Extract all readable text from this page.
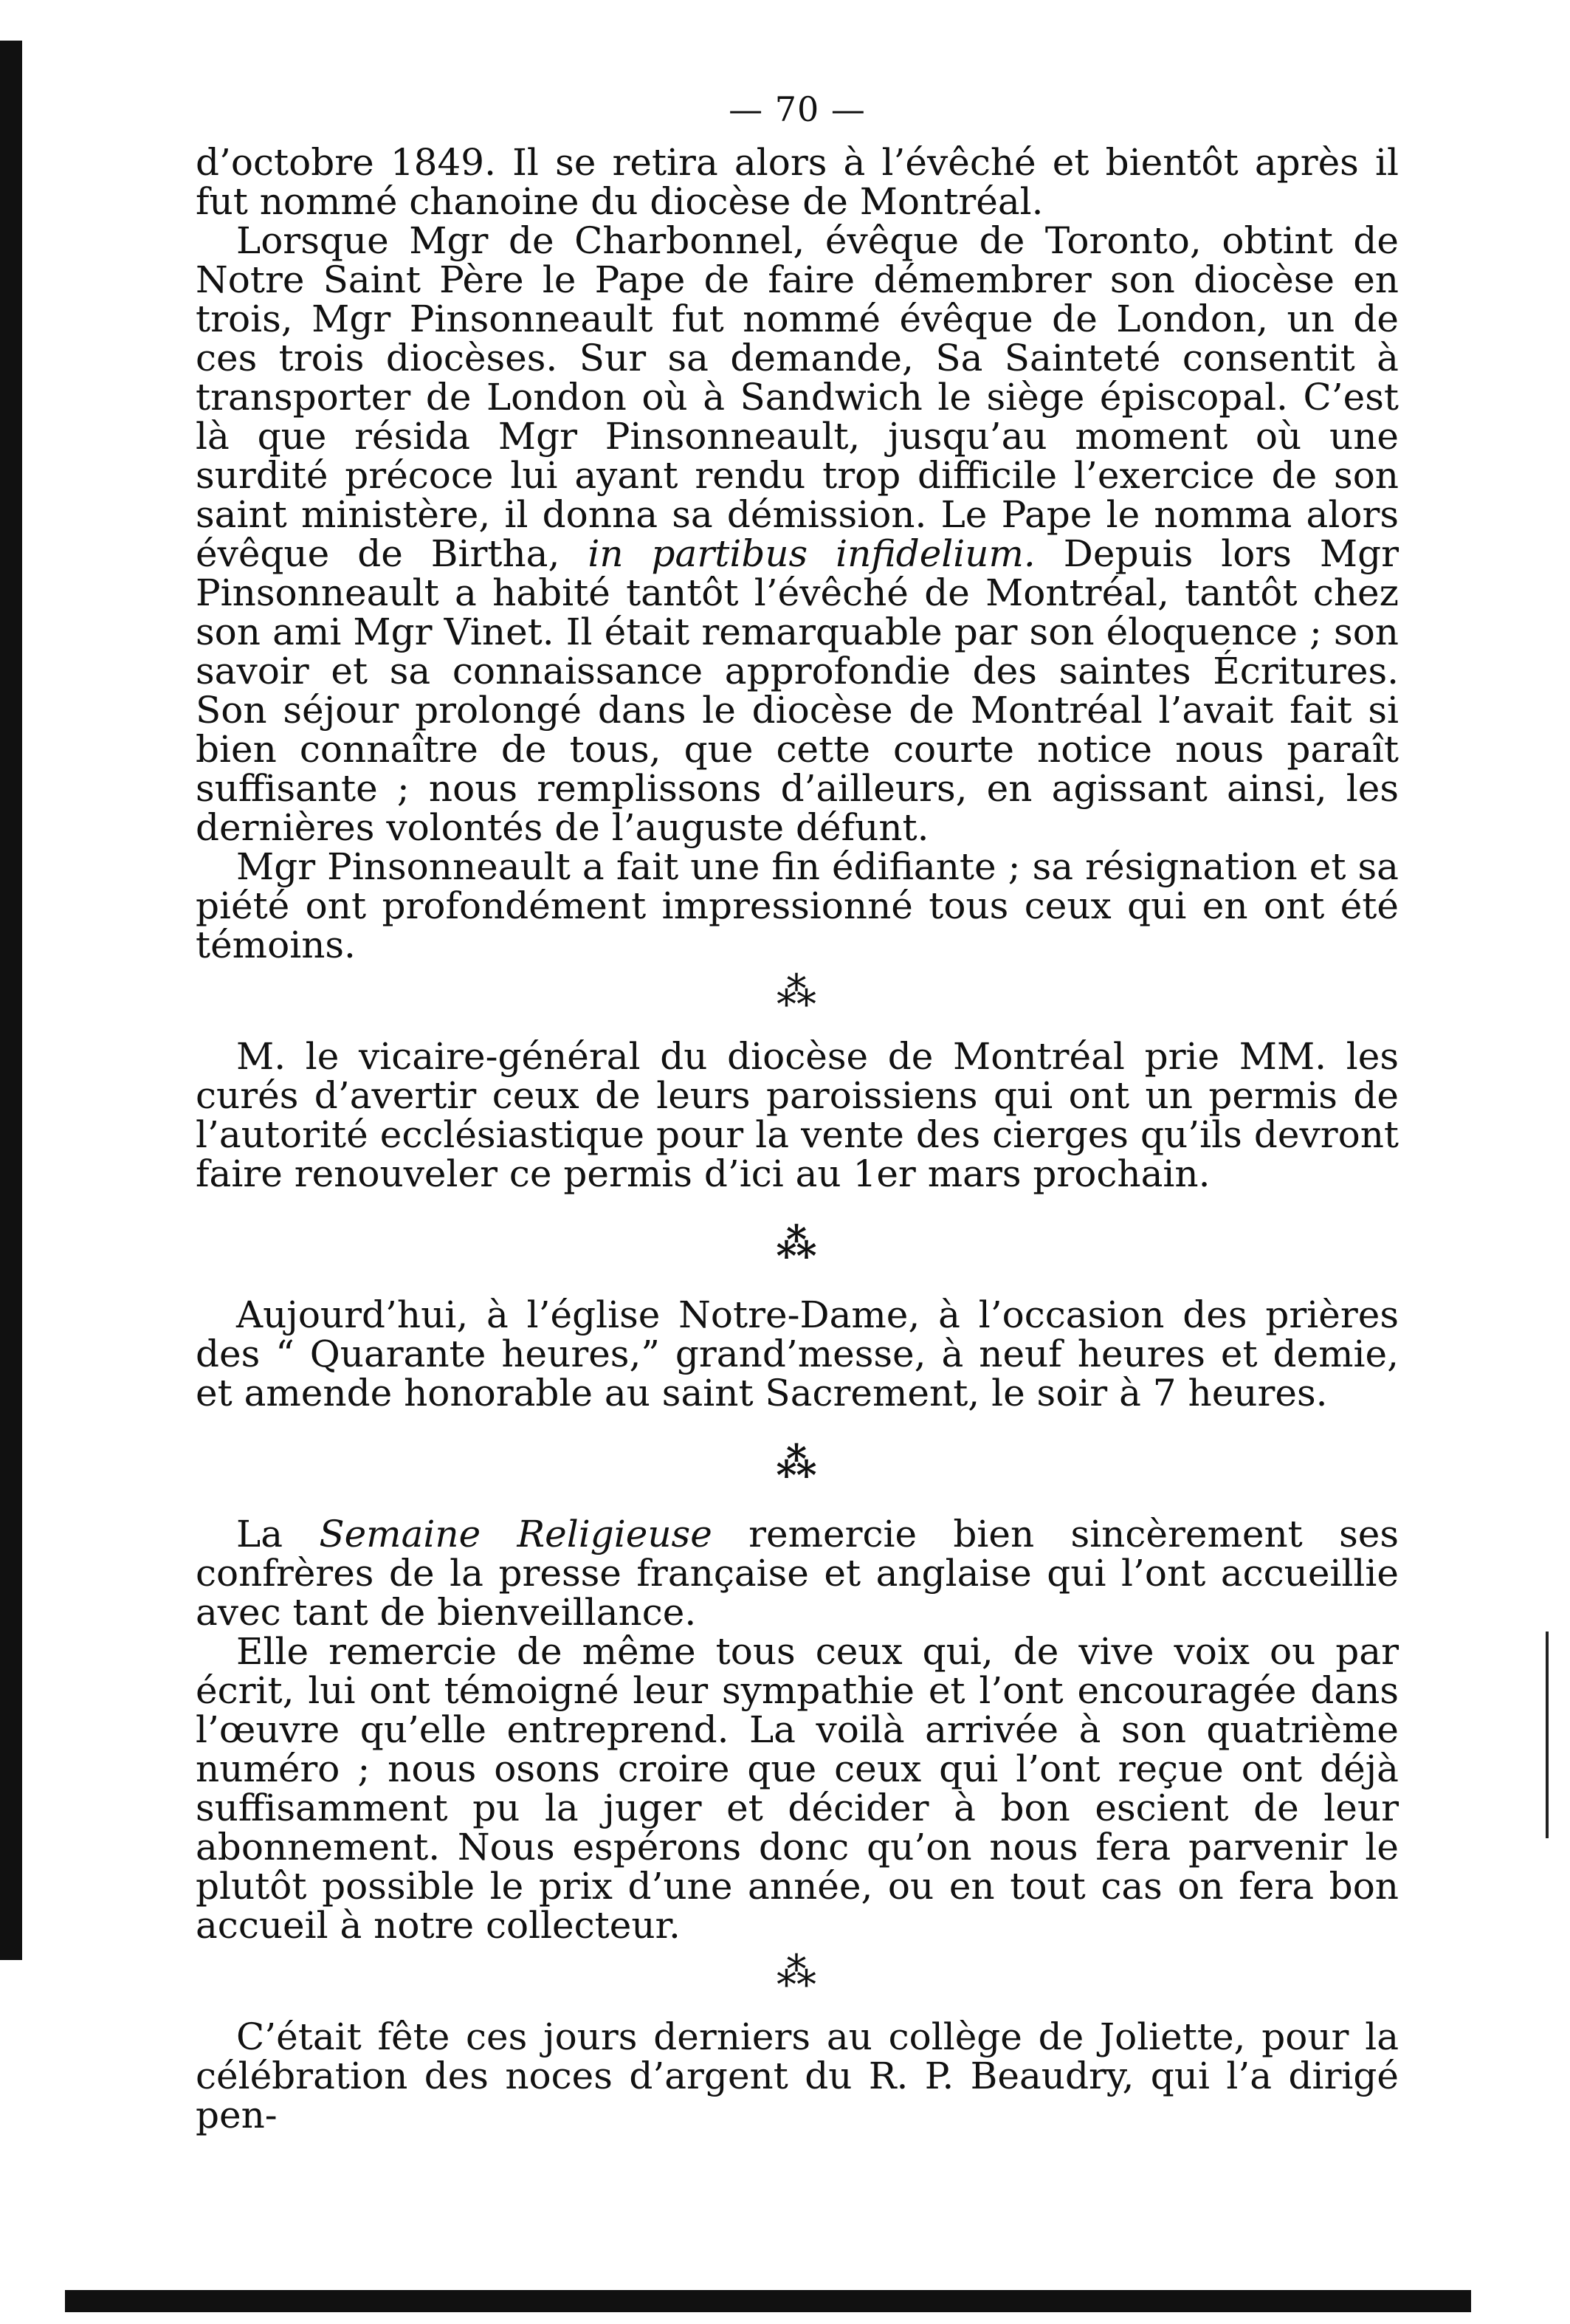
— 70 —

d’octobre 1849. Il se retira alors à l’évêché et bientôt après il fut nommé chanoine du diocèse de Montréal.

Lorsque Mgr de Charbonnel, évêque de Toronto, obtint de Notre Saint Père le Pape de faire démembrer son diocèse en trois, Mgr Pinsonneault fut nommé évêque de London, un de ces trois diocèses. Sur sa demande, Sa Sainteté consentit à transporter de London où à Sandwich le siège épiscopal. C’est là que résida Mgr Pinsonneault, jusqu’au moment où une surdité précoce lui ayant rendu trop difficile l’exercice de son saint ministère, il donna sa démission. Le Pape le nomma alors évêque de Birtha, in partibus infidelium. Depuis lors Mgr Pinsonneault a habité tantôt l’évêché de Montréal, tantôt chez son ami Mgr Vinet. Il était remarquable par son éloquence ; son savoir et sa connaissance approfondie des saintes Écritures. Son séjour prolongé dans le diocèse de Montréal l’avait fait si bien connaître de tous, que cette courte notice nous paraît suffisante ; nous remplissons d’ailleurs, en agissant ainsi, les dernières volontés de l’auguste défunt.

Mgr Pinsonneault a fait une fin édifiante ; sa résignation et sa piété ont profondément impressionné tous ceux qui en ont été témoins.

⁂

M. le vicaire-général du diocèse de Montréal prie MM. les curés d’avertir ceux de leurs paroissiens qui ont un permis de l’autorité ecclésiastique pour la vente des cierges qu’ils devront faire renouveler ce permis d’ici au 1er mars prochain.

⁂

Aujourd’hui, à l’église Notre-Dame, à l’occasion des prières des “ Quarante heures,” grand’messe, à neuf heures et demie, et amende honorable au saint Sacrement, le soir à 7 heures.

⁂

La Semaine Religieuse remercie bien sincèrement ses confrères de la presse française et anglaise qui l’ont accueillie avec tant de bienveillance.

Elle remercie de même tous ceux qui, de vive voix ou par écrit, lui ont témoigné leur sympathie et l’ont encouragée dans l’œuvre qu’elle entreprend. La voilà arrivée à son quatrième numéro ; nous osons croire que ceux qui l’ont reçue ont déjà suffisamment pu la juger et décider à bon escient de leur abonnement. Nous espérons donc qu’on nous fera parvenir le plutôt possible le prix d’une année, ou en tout cas on fera bon accueil à notre collecteur.

⁂

C’était fête ces jours derniers au collège de Joliette, pour la célébration des noces d’argent du R. P. Beaudry, qui l’a dirigé pen-
